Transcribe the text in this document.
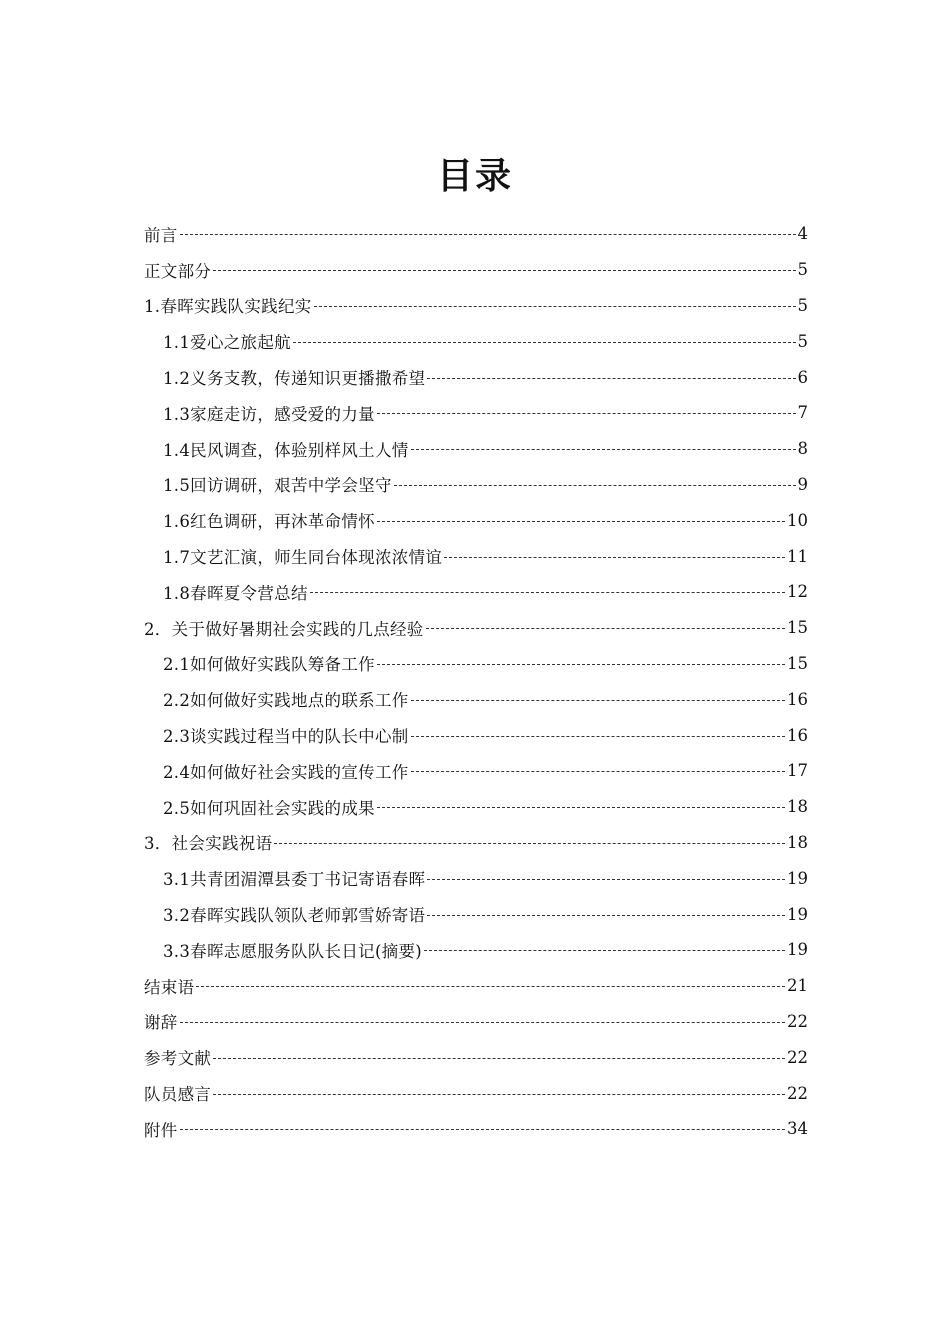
目录
前言	4
正文部分	5
1.春晖实践队实践纪实	5
1.1爱心之旅起航	5
1.2义务支教，传递知识更播撒希望	6
1.3家庭走访，感受爱的力量	7
1.4民风调查，体验别样风土人情	8
1.5回访调研，艰苦中学会坚守	9
1.6红色调研，再沐革命情怀	10
1.7文艺汇演，师生同台体现浓浓情谊	11
1.8春晖夏令营总结	12
2．关于做好暑期社会实践的几点经验	15
2.1如何做好实践队筹备工作	15
2.2如何做好实践地点的联系工作	16
2.3谈实践过程当中的队长中心制	16
2.4如何做好社会实践的宣传工作	17
2.5如何巩固社会实践的成果	18
3．社会实践祝语	18
3.1共青团湄潭县委丁书记寄语春晖	19
3.2春晖实践队领队老师郭雪娇寄语	19
3.3春晖志愿服务队队长日记(摘要)	19
结束语	21
谢辞	22
参考文献	22
队员感言	22
附件	34
